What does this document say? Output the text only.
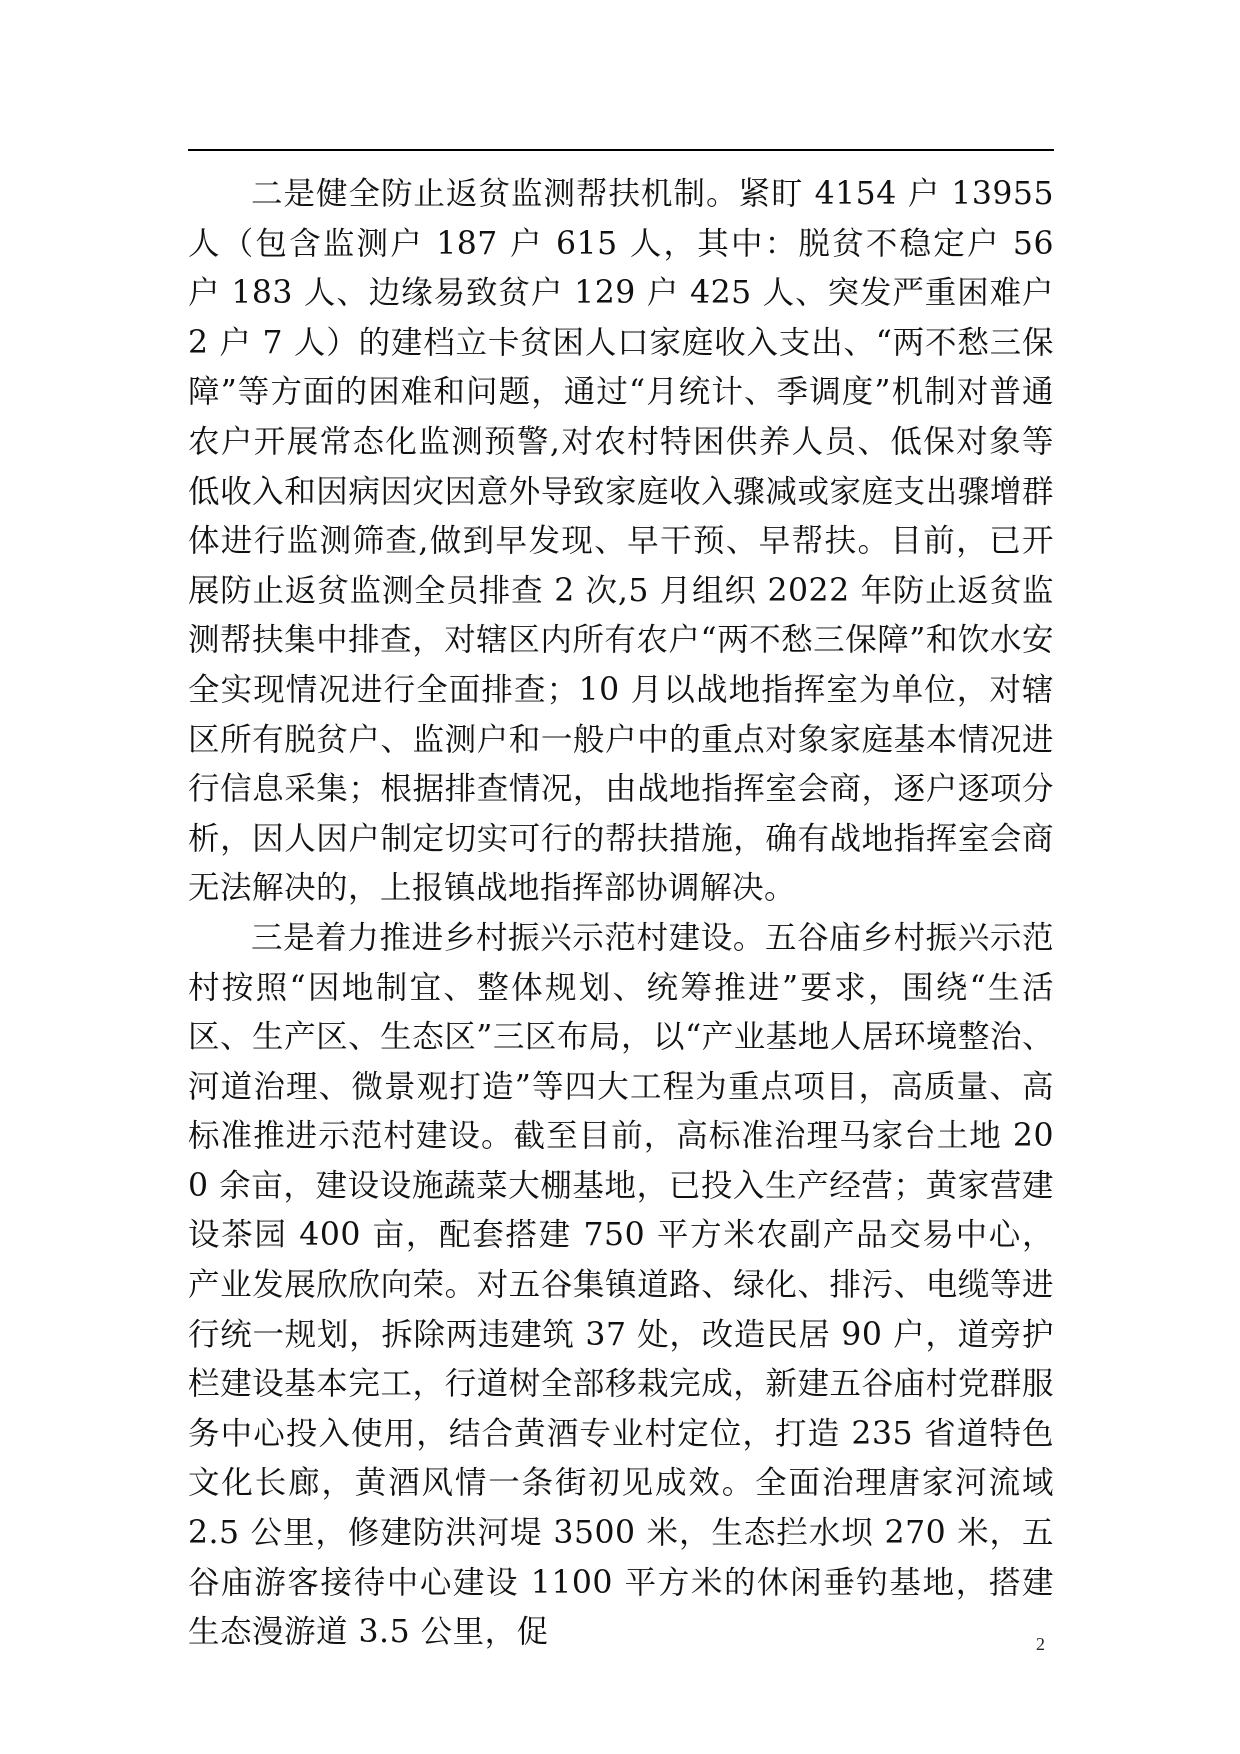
二是健全防止返贫监测帮扶机制。紧盯 4154 户 13955 人（包含监测户 187 户 615 人，其中：脱贫不稳定户 56 户 183 人、边缘易致贫户 129 户 425 人、突发严重困难户 2 户 7 人）的建档立卡贫困人口家庭收入支出、“两不愁三保障”等方面的困难和问题，通过“月统计、季调度”机制对普通农户开展常态化监测预警,对农村特困供养人员、低保对象等低收入和因病因灾因意外导致家庭收入骤减或家庭支出骤增群体进行监测筛查,做到早发现、早干预、早帮扶。目前，已开展防止返贫监测全员排查 2 次,5 月组织 2022 年防止返贫监测帮扶集中排查，对辖区内所有农户“两不愁三保障”和饮水安全实现情况进行全面排查；10 月以战地指挥室为单位，对辖区所有脱贫户、监测户和一般户中的重点对象家庭基本情况进行信息采集；根据排查情况，由战地指挥室会商，逐户逐项分析，因人因户制定切实可行的帮扶措施，确有战地指挥室会商无法解决的，上报镇战地指挥部协调解决。

三是着力推进乡村振兴示范村建设。五谷庙乡村振兴示范村按照“因地制宜、整体规划、统筹推进”要求，围绕“生活区、生产区、生态区”三区布局，以“产业基地人居环境整治、河道治理、微景观打造”等四大工程为重点项目，高质量、高标准推进示范村建设。截至目前，高标准治理马家台土地 200 余亩，建设设施蔬菜大棚基地，已投入生产经营；黄家营建设茶园 400 亩，配套搭建 750 平方米农副产品交易中心，产业发展欣欣向荣。对五谷集镇道路、绿化、排污、电缆等进行统一规划，拆除两违建筑 37 处，改造民居 90 户，道旁护栏建设基本完工，行道树全部移栽完成，新建五谷庙村党群服务中心投入使用，结合黄酒专业村定位，打造 235 省道特色文化长廊，黄酒风情一条街初见成效。全面治理唐家河流域 2.5 公里，修建防洪河堤 3500 米，生态拦水坝 270 米，五谷庙游客接待中心建设 1100 平方米的休闲垂钓基地，搭建生态漫游道 3.5 公里，促	2
